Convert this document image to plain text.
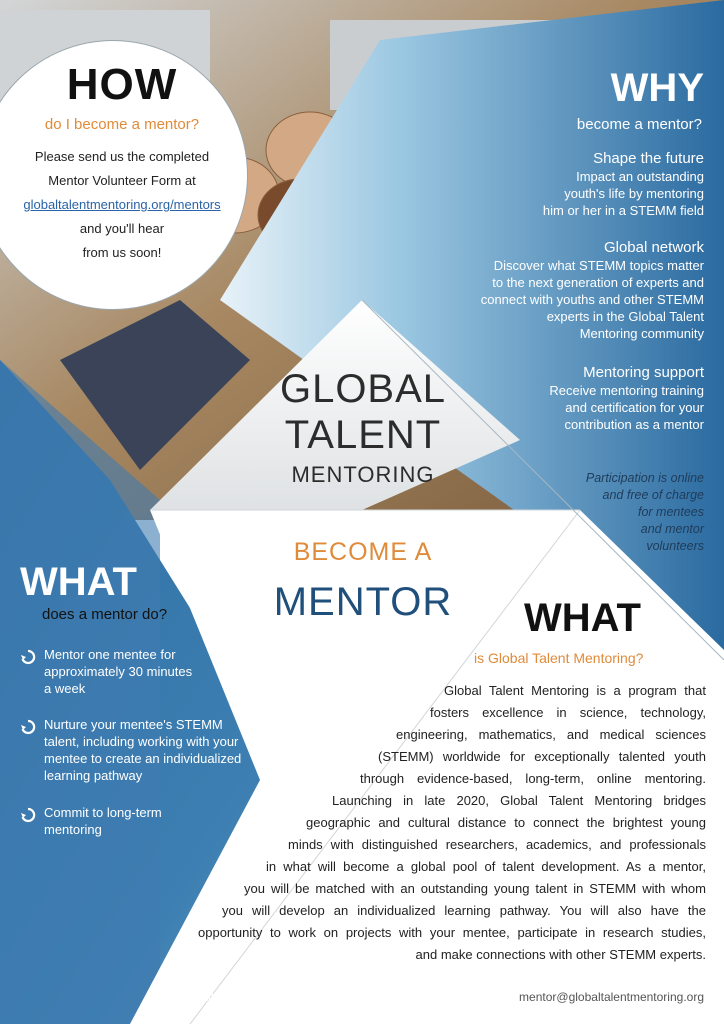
HOW
do I become a mentor?
Please send us the completed
Mentor Volunteer Form at
globaltalentmentoring.org/mentors
and you'll hear
from us soon!
WHY
become a mentor?
Shape the future
Impact an outstanding
youth's life by mentoring
him or her in a STEMM field
Global network
Discover what STEMM topics matter
to the next generation of experts and
connect with youths and other STEMM
experts in the Global Talent
Mentoring community
Mentoring support
Receive mentoring training
and certification for your
contribution as a mentor
Participation is online
and free of charge
for mentees
and mentor
volunteers
GLOBAL
TALENT
MENTORING
BECOME A
MENTOR
WHAT
does a mentor do?
Mentor one mentee for
approximately 30 minutes
a week
Nurture your mentee's STEMM
talent, including working with your
mentee to create an individualized
learning pathway
Commit to long-term
mentoring
WHAT
is Global Talent Mentoring?
Global Talent Mentoring is a program that
fosters excellence in science, technology,
engineering, mathematics, and medical sciences
(STEMM) worldwide for exceptionally talented youth
through evidence-based, long-term, online mentoring.
Launching in late 2020, Global Talent Mentoring bridges
geographic and cultural distance to connect the brightest young
minds with distinguished researchers, academics, and professionals
in what will become a global pool of talent development. As a mentor,
you will be matched with an outstanding young talent in STEMM with whom
you will develop an individualized learning pathway. You will also have the
opportunity to work on projects with your mentee, participate in research studies,
and make connections with other STEMM experts.
www.globaltalentmentoring.org	mentor@globaltalentmentoring.org
